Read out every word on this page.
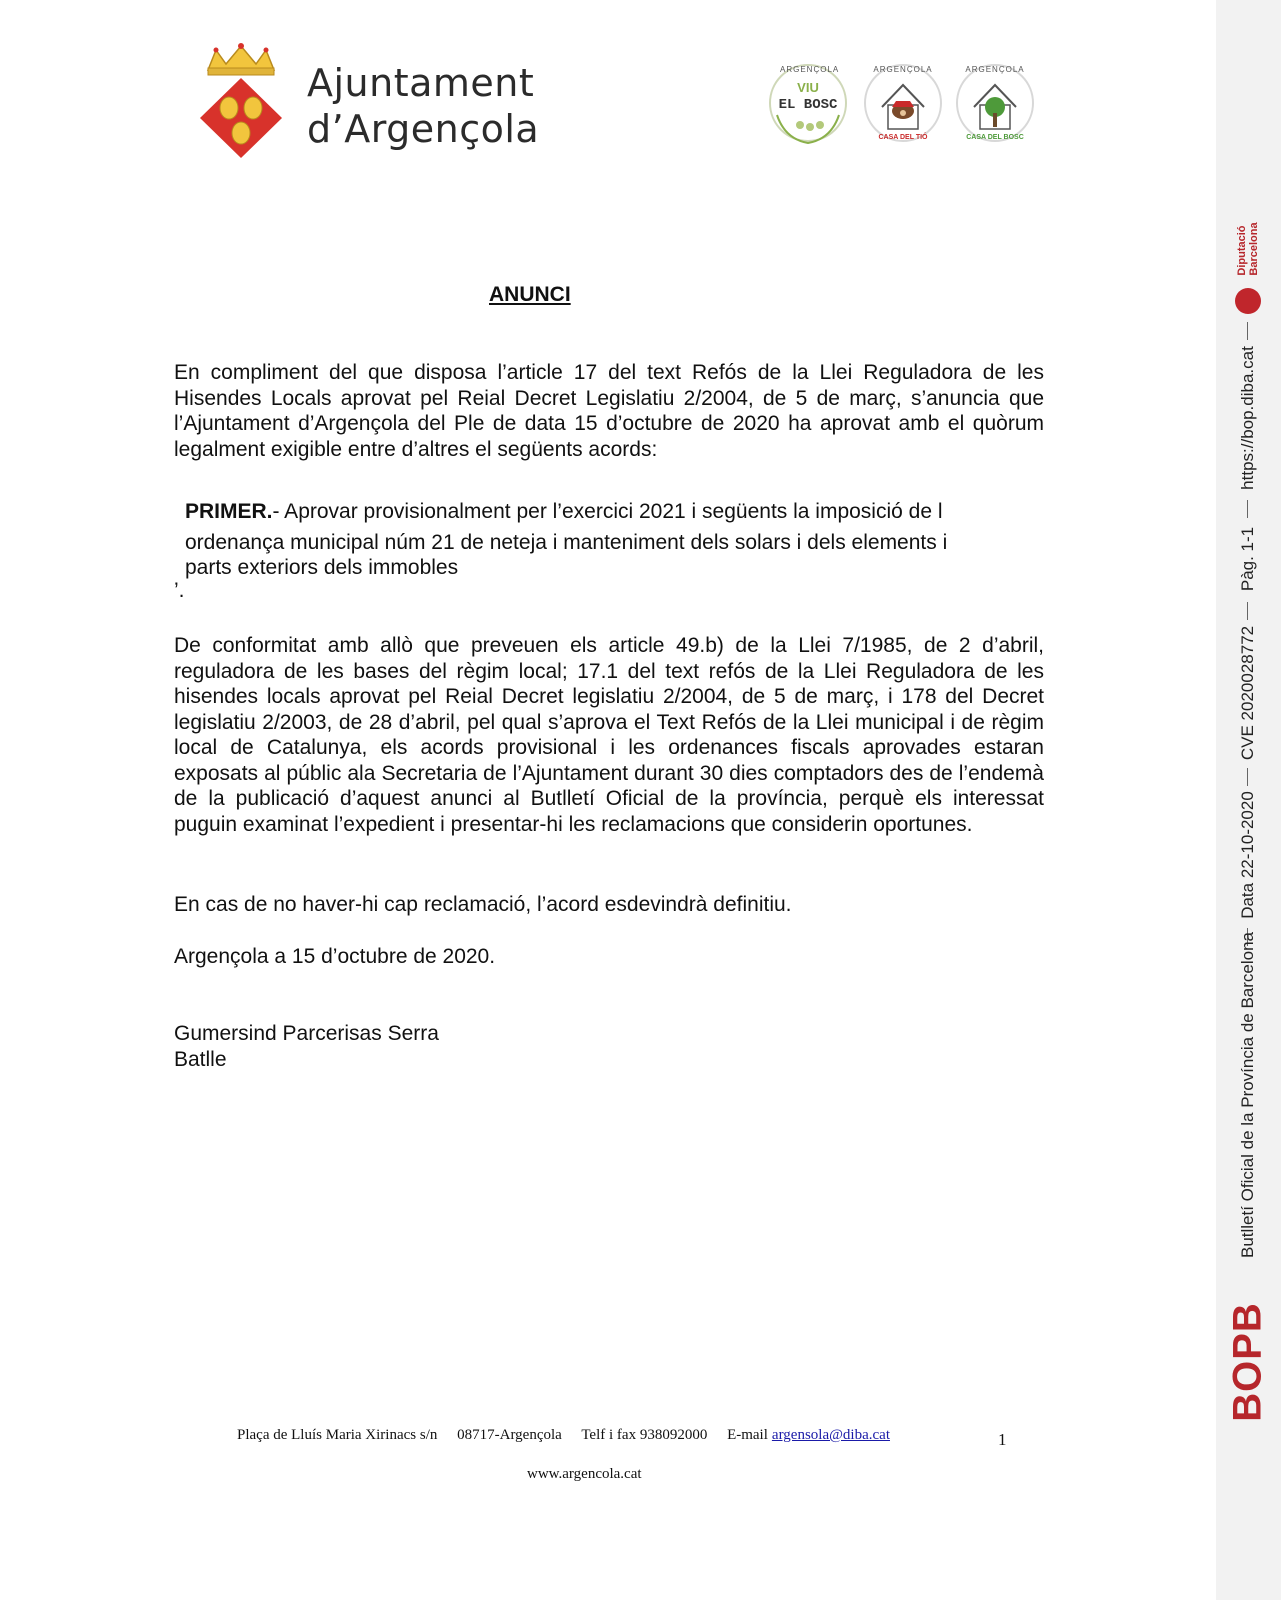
Ajuntament
d’Argençola
ARGENÇOLA
VIU
EL BOSC
ARGENÇOLA
CASA DEL TIÓ
ARGENÇOLA
CASA DEL BOSC
ANUNCI

En compliment del que disposa l’article 17 del text Refós de la Llei Reguladora de les Hisendes Locals aprovat pel Reial Decret Legislatiu 2/2004, de 5 de març, s’anuncia que l’Ajuntament d’Argençola del Ple de data 15 d’octubre de 2020 ha aprovat amb el quòrum legalment exigible entre d’altres el següents acords:

PRIMER.- Aprovar provisionalment per l’exercici 2021 i següents la imposició de l
ordenança municipal núm 21 de neteja i manteniment dels solars i dels elements i
parts exteriors dels immobles
’.

De conformitat amb allò que preveuen els article 49.b) de la Llei 7/1985, de 2 d’abril, reguladora de les bases del règim local; 17.1 del text refós de la Llei Reguladora de les hisendes locals aprovat pel Reial Decret legislatiu 2/2004, de 5 de març, i 178 del Decret legislatiu 2/2003, de 28 d’abril, pel qual s’aprova el Text Refós de la Llei municipal i de règim local de Catalunya, els acords provisional i les ordenances fiscals aprovades estaran exposats al públic ala Secretaria de l’Ajuntament durant 30 dies comptadors des de l’endemà de la publicació d’aquest anunci al Butlletí Oficial de la província, perquè els interessat puguin examinat l’expedient i presentar-hi les reclamacions que considerin oportunes.

En cas de no haver-hi cap reclamació, l’acord esdevindrà definitiu.

Argençola a 15 d’octubre de 2020.

Gumersind Parcerisas Serra
Batlle
Plaça de Lluís Maria Xirinacs s/n 08717-Argençola Telf i fax 938092000 E-mail argensola@diba.cat	1
www.argencola.cat
Diputació Barcelona
https://bop.diba.cat
Pàg. 1-1
CVE 2020028772
Data 22-10-2020
Butlletí Oficial de la Província de Barcelona
BOPB
